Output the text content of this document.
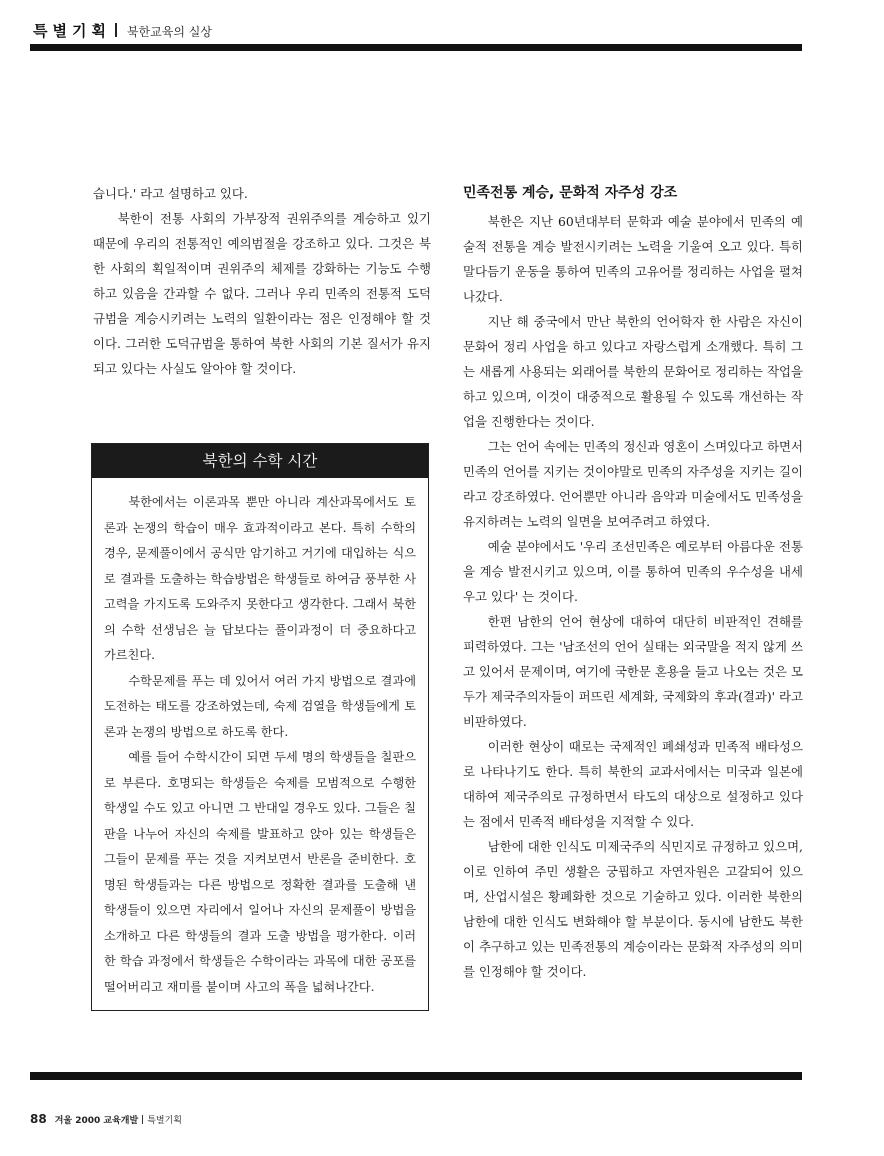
특별기획 북한교육의 실상

습니다.' 라고 설명하고 있다.

북한이 전통 사회의 가부장적 권위주의를 계승하고 있기 때문에 우리의 전통적인 예의범절을 강조하고 있다. 그것은 북한 사회의 획일적이며 권위주의 체제를 강화하는 기능도 수행하고 있음을 간과할 수 없다. 그러나 우리 민족의 전통적 도덕규범을 계승시키려는 노력의 일환이라는 점은 인정해야 할 것이다. 그러한 도덕규범을 통하여 북한 사회의 기본 질서가 유지되고 있다는 사실도 알아야 할 것이다.

북한의 수학 시간

북한에서는 이론과목 뿐만 아니라 계산과목에서도 토론과 논쟁의 학습이 매우 효과적이라고 본다. 특히 수학의 경우, 문제풀이에서 공식만 암기하고 거기에 대입하는 식으로 결과를 도출하는 학습방법은 학생들로 하여금 풍부한 사고력을 가지도록 도와주지 못한다고 생각한다. 그래서 북한의 수학 선생님은 늘 답보다는 풀이과정이 더 중요하다고 가르친다.

수학문제를 푸는 데 있어서 여러 가지 방법으로 결과에 도전하는 태도를 강조하였는데, 숙제 검열을 학생들에게 토론과 논쟁의 방법으로 하도록 한다.

예를 들어 수학시간이 되면 두세 명의 학생들을 칠판으로 부른다. 호명되는 학생들은 숙제를 모범적으로 수행한 학생일 수도 있고 아니면 그 반대일 경우도 있다. 그들은 칠판을 나누어 자신의 숙제를 발표하고 앉아 있는 학생들은 그들이 문제를 푸는 것을 지켜보면서 반론을 준비한다. 호명된 학생들과는 다른 방법으로 정확한 결과를 도출해 낸 학생들이 있으면 자리에서 일어나 자신의 문제풀이 방법을 소개하고 다른 학생들의 결과 도출 방법을 평가한다. 이러한 학습 과정에서 학생들은 수학이라는 과목에 대한 공포를 떨어버리고 재미를 붙이며 사고의 폭을 넓혀나간다.

민족전통 계승, 문화적 자주성 강조

북한은 지난 60년대부터 문학과 예술 분야에서 민족의 예술적 전통을 계승 발전시키려는 노력을 기울여 오고 있다. 특히 말다듬기 운동을 통하여 민족의 고유어를 정리하는 사업을 펼쳐나갔다.

지난 해 중국에서 만난 북한의 언어학자 한 사람은 자신이 문화어 정리 사업을 하고 있다고 자랑스럽게 소개했다. 특히 그는 새롭게 사용되는 외래어를 북한의 문화어로 정리하는 작업을 하고 있으며, 이것이 대중적으로 활용될 수 있도록 개선하는 작업을 진행한다는 것이다.

그는 언어 속에는 민족의 정신과 영혼이 스며있다고 하면서 민족의 언어를 지키는 것이야말로 민족의 자주성을 지키는 길이라고 강조하였다. 언어뿐만 아니라 음악과 미술에서도 민족성을 유지하려는 노력의 일면을 보여주려고 하였다.

예술 분야에서도 '우리 조선민족은 예로부터 아름다운 전통을 계승 발전시키고 있으며, 이를 통하여 민족의 우수성을 내세우고 있다' 는 것이다.

한편 남한의 언어 현상에 대하여 대단히 비판적인 견해를 피력하였다. 그는 '남조선의 언어 실태는 외국말을 적지 않게 쓰고 있어서 문제이며, 여기에 국한문 혼용을 들고 나오는 것은 모두가 제국주의자들이 퍼뜨린 세계화, 국제화의 후과(결과)' 라고 비판하였다.

이러한 현상이 때로는 국제적인 폐쇄성과 민족적 배타성으로 나타나기도 한다. 특히 북한의 교과서에서는 미국과 일본에 대하여 제국주의로 규정하면서 타도의 대상으로 설정하고 있다는 점에서 민족적 배타성을 지적할 수 있다.

남한에 대한 인식도 미제국주의 식민지로 규정하고 있으며, 이로 인하여 주민 생활은 궁핍하고 자연자원은 고갈되어 있으며, 산업시설은 황폐화한 것으로 기술하고 있다. 이러한 북한의 남한에 대한 인식도 변화해야 할 부분이다. 동시에 남한도 북한이 추구하고 있는 민족전통의 계승이라는 문화적 자주성의 의미를 인정해야 할 것이다.

88 겨울 2000 교육개발 특별기획
